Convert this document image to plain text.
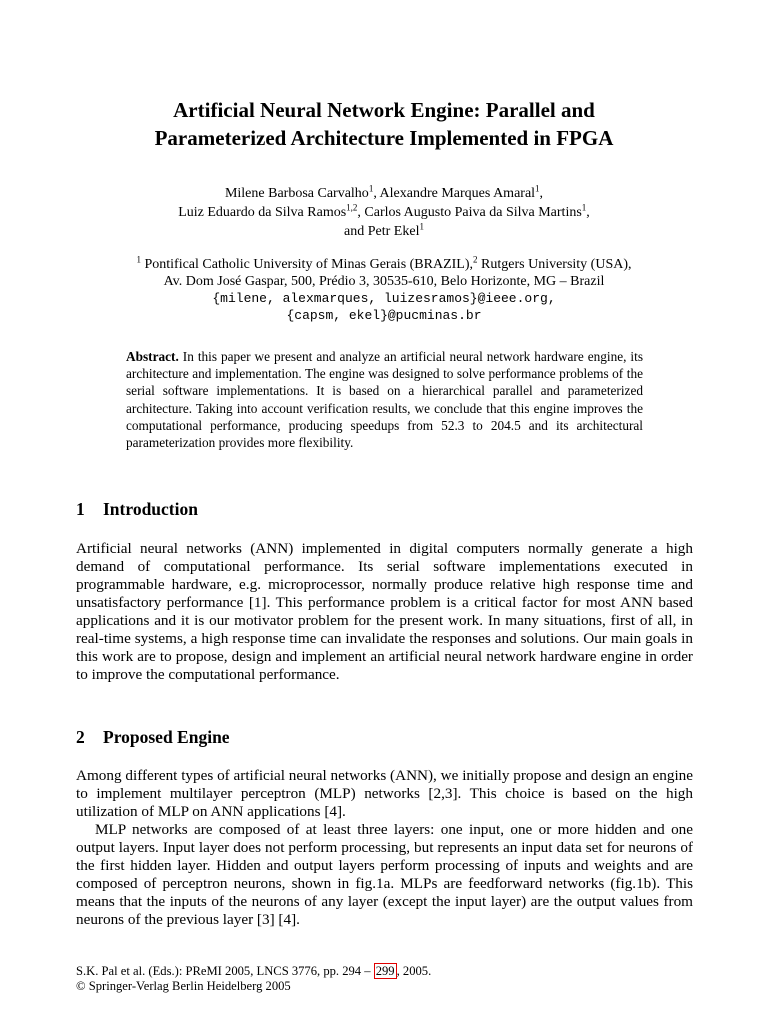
Artificial Neural Network Engine: Parallel and
Parameterized Architecture Implemented in FPGA
Milene Barbosa Carvalho$^1$, Alexandre Marques Amaral$^1$,
Luiz Eduardo da Silva Ramos$^{1,2}$, Carlos Augusto Paiva da Silva Martins$^1$,
and Petr Ekel$^1$
$^1$ Pontifical Catholic University of Minas Gerais (BRAZIL),$^2$ Rutgers University (USA),
Av. Dom José Gaspar, 500, Prédio 3, 30535-610, Belo Horizonte, MG – Brazil
{milene, alexmarques, luizesramos}@ieee.org,
{capsm, ekel}@pucminas.br
Abstract. In this paper we present and analyze an artificial neural network hardware engine, its architecture and implementation. The engine was designed to solve performance problems of the serial software implementations. It is based on a hierarchical parallel and parameterized architecture. Taking into account verification results, we conclude that this engine improves the computational performance, producing speedups from 52.3 to 204.5 and its architectural parameterization provides more flexibility.
1 Introduction

Artificial neural networks (ANN) implemented in digital computers normally generate a high demand of computational performance. Its serial software implementations executed in programmable hardware, e.g. microprocessor, normally produce relative high response time and unsatisfactory performance [1]. This performance problem is a critical factor for most ANN based applications and it is our motivator problem for the present work. In many situations, first of all, in real-time systems, a high response time can invalidate the responses and solutions. Our main goals in this work are to propose, design and implement an artificial neural network hardware engine in order to improve the computational performance.

2 Proposed Engine

Among different types of artificial neural networks (ANN), we initially propose and design an engine to implement multilayer perceptron (MLP) networks [2,3]. This choice is based on the high utilization of MLP on ANN applications [4].

MLP networks are composed of at least three layers: one input, one or more hidden and one output layers. Input layer does not perform processing, but represents an input data set for neurons of the first hidden layer. Hidden and output layers perform processing of inputs and weights and are composed of perceptron neurons, shown in fig.1a. MLPs are feedforward networks (fig.1b). This means that the inputs of the neurons of any layer (except the input layer) are the output values from neurons of the previous layer [3] [4].

S.K. Pal et al. (Eds.): PReMI 2005, LNCS 3776, pp. 294 – 299 , 2005.
© Springer-Verlag Berlin Heidelberg 2005
